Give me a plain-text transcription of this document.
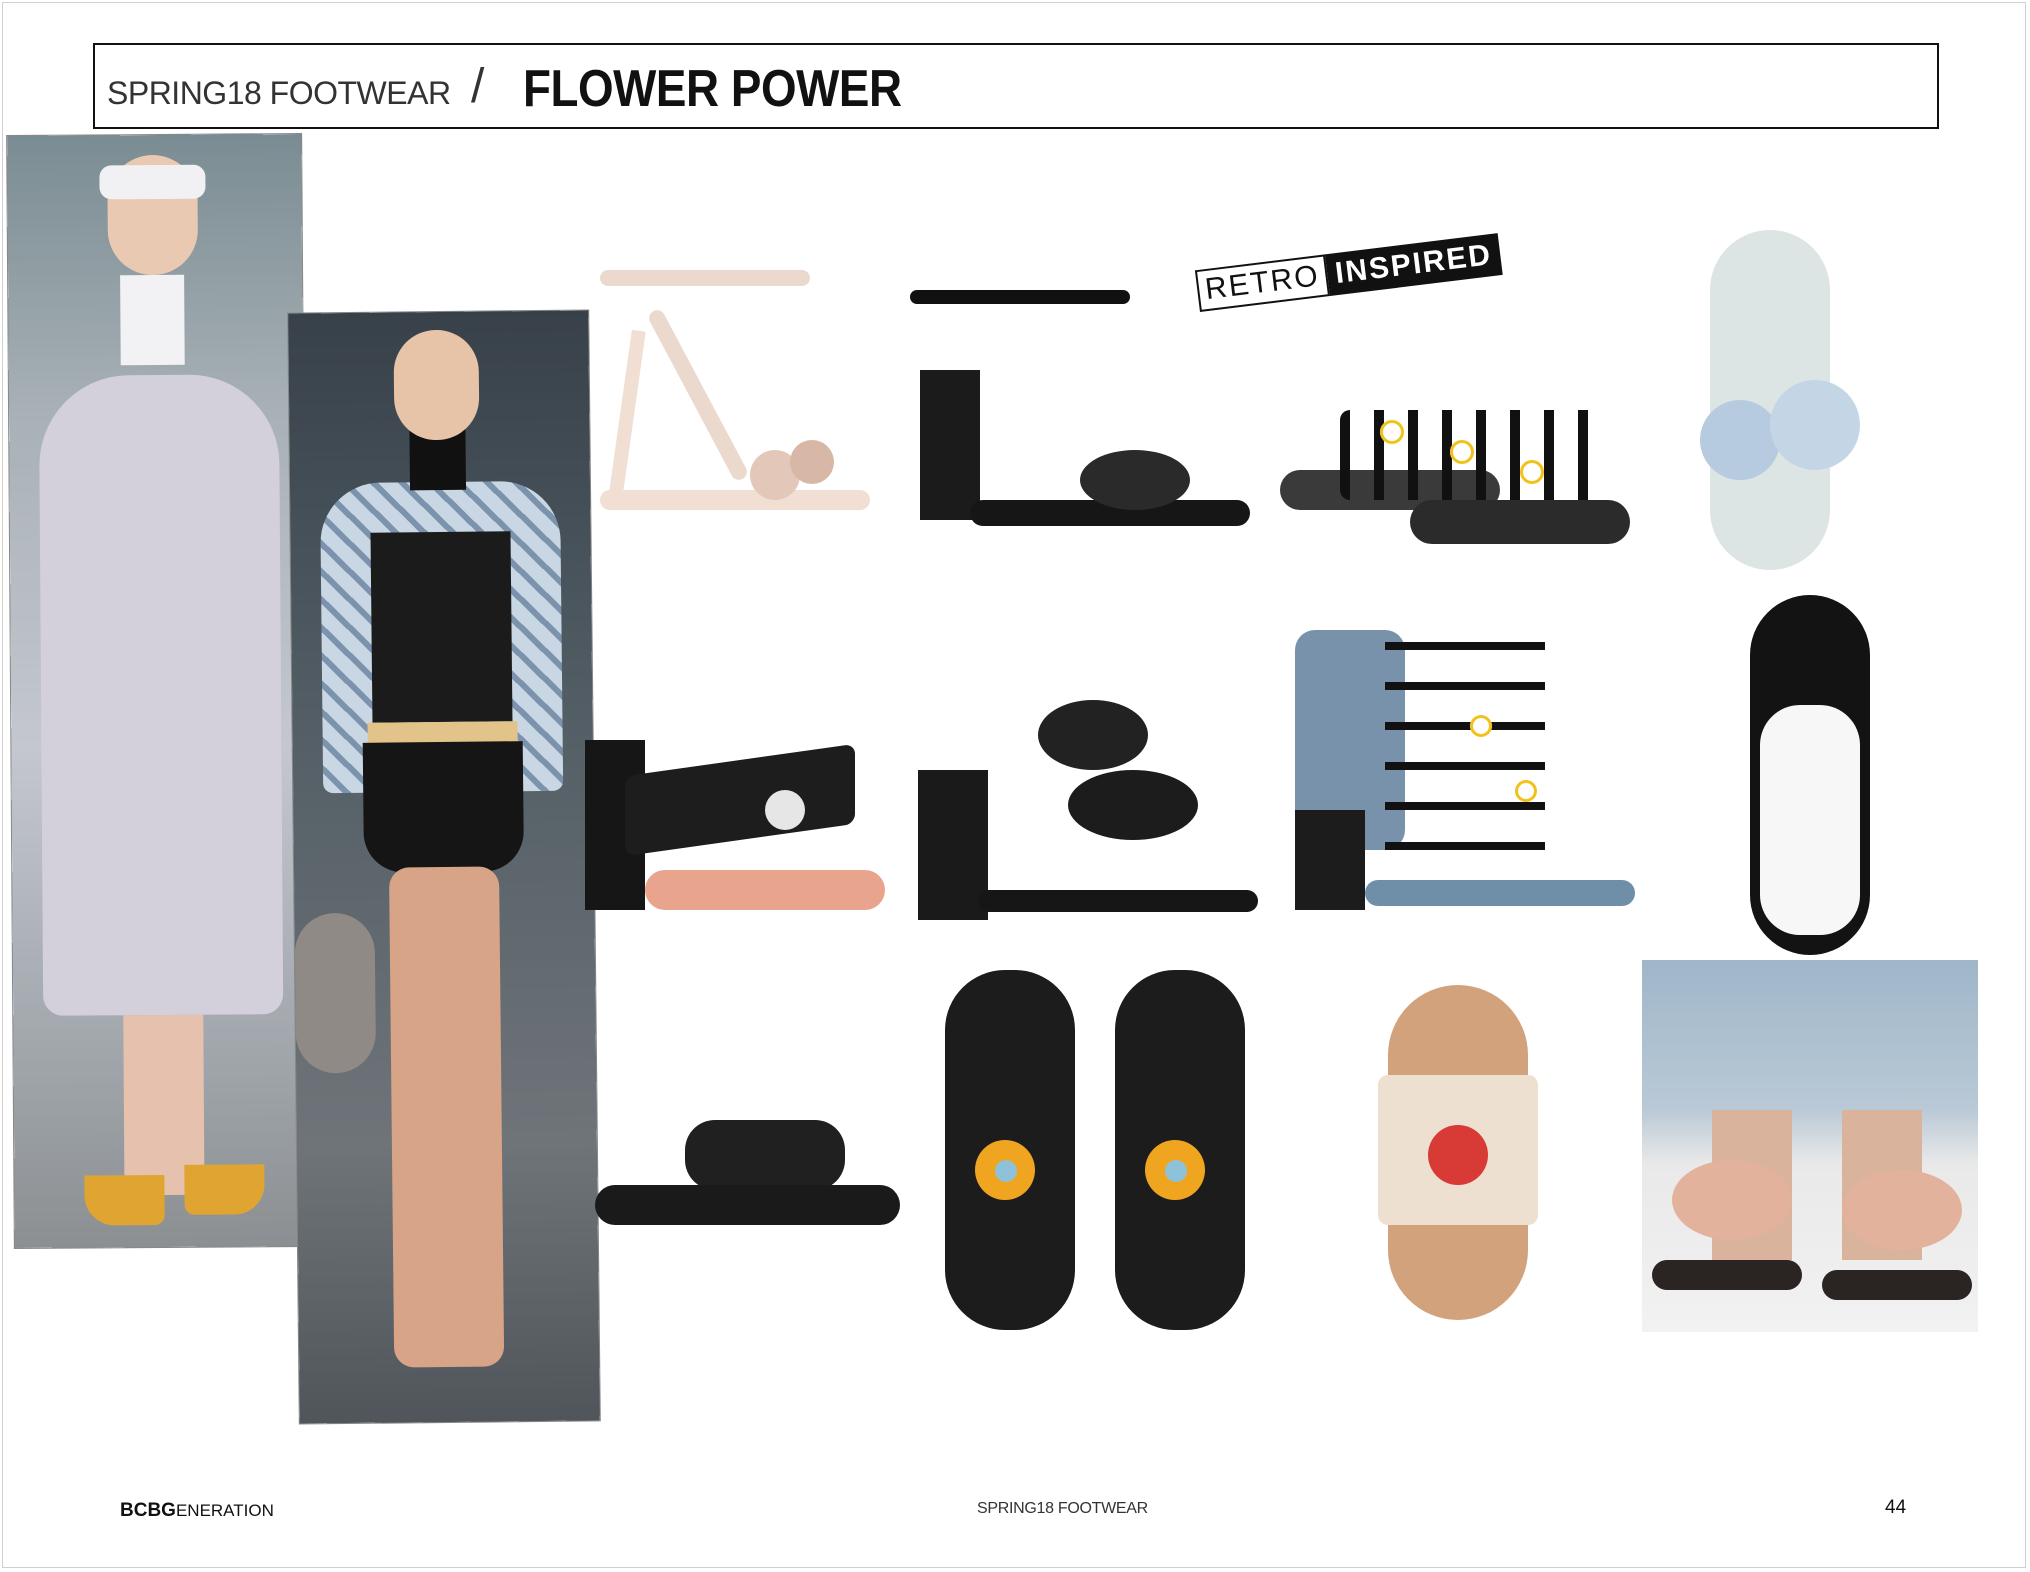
SPRING18 FOOTWEAR / FLOWER POWER
RETRO INSPIRED
BCBGENERATION	SPRING18 FOOTWEAR	44
